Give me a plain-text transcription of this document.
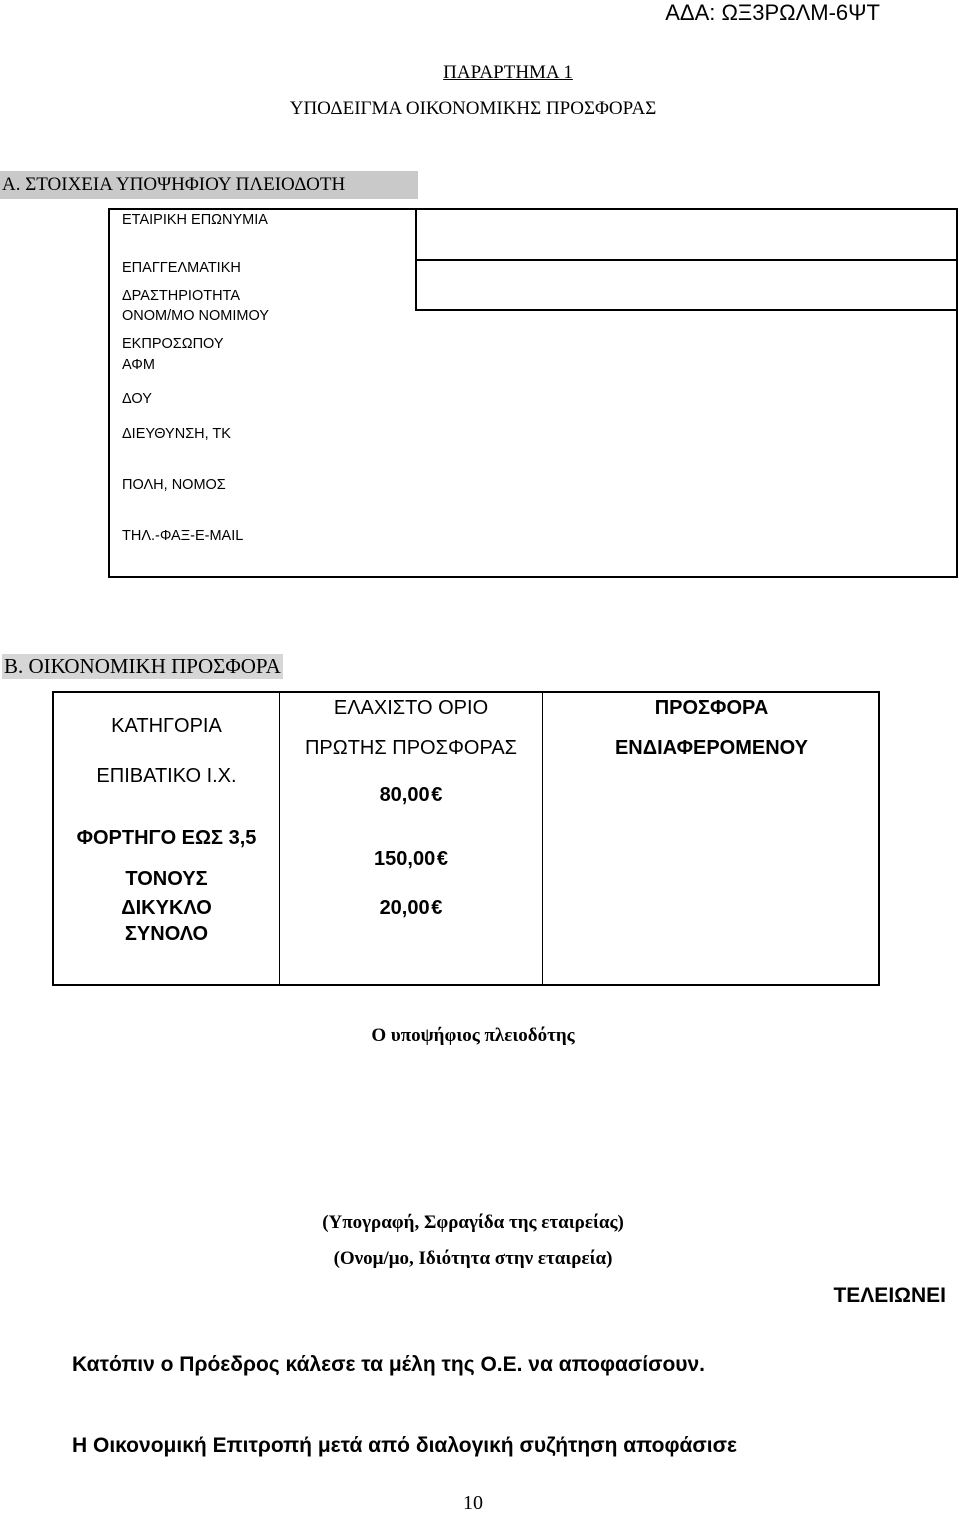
ΑΔΑ: ΩΞ3ΡΩΛΜ-6ΨΤ
ΠΑΡΑΡΤΗΜΑ 1
ΥΠΟΔΕΙΓΜΑ ΟΙΚΟΝΟΜΙΚΗΣ ΠΡΟΣΦΟΡΑΣ
Α. ΣΤΟΙΧΕΙΑ ΥΠΟΨΗΦΙΟΥ ΠΛΕΙΟΔΟΤΗ
ΕΤΑΙΡΙΚΗ ΕΠΩΝΥΜΙΑ
ΕΠΑΓΓΕΛΜΑΤΙΚΗ
ΔΡΑΣΤΗΡΙΟΤΗΤΑ
ΟΝΟΜ/ΜΟ ΝΟΜΙΜΟΥ
ΕΚΠΡΟΣΩΠΟΥ
ΑΦΜ
ΔΟΥ
ΔΙΕΥΘΥΝΣΗ, ΤΚ
ΠΟΛΗ, ΝΟΜΟΣ
ΤΗΛ.-ΦΑΞ-E-MAIL
Β. ΟΙΚΟΝΟΜΙΚΗ ΠΡΟΣΦΟΡΑ
ΚΑΤΗΓΟΡΙΑ
ΕΛΑΧΙΣΤΟ ΟΡΙΟ
ΠΡΩΤΗΣ ΠΡΟΣΦΟΡΑΣ
ΠΡΟΣΦΟΡΑ
ΕΝΔΙΑΦΕΡΟΜΕΝΟΥ
ΕΠΙΒΑΤΙΚΟ Ι.Χ.
80,00 €
ΦΟΡΤΗΓΟ ΕΩΣ 3,5
ΤΟΝΟΥΣ
150,00 €
ΔΙΚΥΚΛΟ	20,00 €
ΣΥΝΟΛΟ
Ο υποψήφιος πλειοδότης
(Υπογραφή, Σφραγίδα της εταιρείας)
(Ονομ/μο, Ιδιότητα στην εταιρεία)
ΤΕΛΕΙΩΝΕΙ
Κατόπιν ο Πρόεδρος κάλεσε τα μέλη της Ο.Ε. να αποφασίσουν.
Η Οικονομική Επιτροπή μετά από διαλογική συζήτηση αποφάσισε
10
